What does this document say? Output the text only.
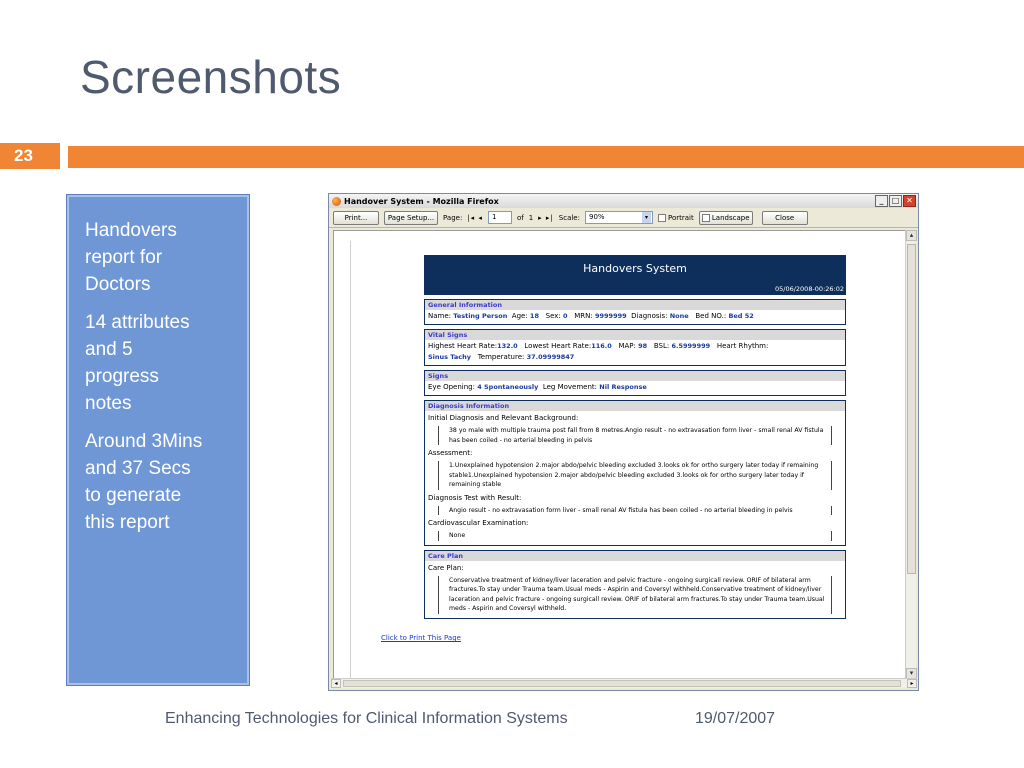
Screenshots
23

Handovers
report for
Doctors

14 attributes
and 5
progress
notes

Around 3Mins
and 37 Secs
to generate
this report

Handover System - Mozilla Firefox	_	□ ✕
Print...	Page Setup...	Page: |◂ ◂	1	of 1 ▸ ▸| Scale:	90%	▾	Portrait	Landscape	Close
Handovers System
05/06/2008-00:26:02
General Information
Name: Testing Person Age: 18 Sex: 0 MRN: 9999999 Diagnosis: None Bed NO.: Bed 52
Vital Signs
Highest Heart Rate:132.0 Lowest Heart Rate:116.0 MAP: 98 BSL: 6.5999999 Heart Rhythm:
Sinus Tachy Temperature: 37.09999847
Signs
Eye Opening: 4 Spontaneously Leg Movement: Nil Response
Diagnosis Information
Initial Diagnosis and Relevant Background:
38 yo male with multiple trauma post fall from 8 metres.Angio result - no extravasation form liver - small renal AV fistula has been coiled - no arterial bleeding in pelvis
Assessment:
1.Unexplained hypotension 2.major abdo/pelvic bleeding excluded 3.looks ok for ortho surgery later today if remaining stable1.Unexplained hypotension 2.major abdo/pelvic bleeding excluded 3.looks ok for ortho surgery later today if remaining stable
Diagnosis Test with Result:
Angio result - no extravasation form liver - small renal AV fistula has been coiled - no arterial bleeding in pelvis
Cardiovascular Examination:
None
Care Plan
Care Plan:
Conservative treatment of kidney/liver laceration and pelvic fracture - ongoing surgicall review. ORIF of bilateral arm fractures.To stay under Trauma team.Usual meds - Aspirin and Coversyl withheld.Conservative treatment of kidney/liver laceration and pelvic fracture - ongoing surgicall review. ORIF of bilateral arm fractures.To stay under Trauma team.Usual meds - Aspirin and Coversyl withheld.
Click to Print This Page
▴
▾
◂	▸
Enhancing Technologies for Clinical Information Systems	19/07/2007
